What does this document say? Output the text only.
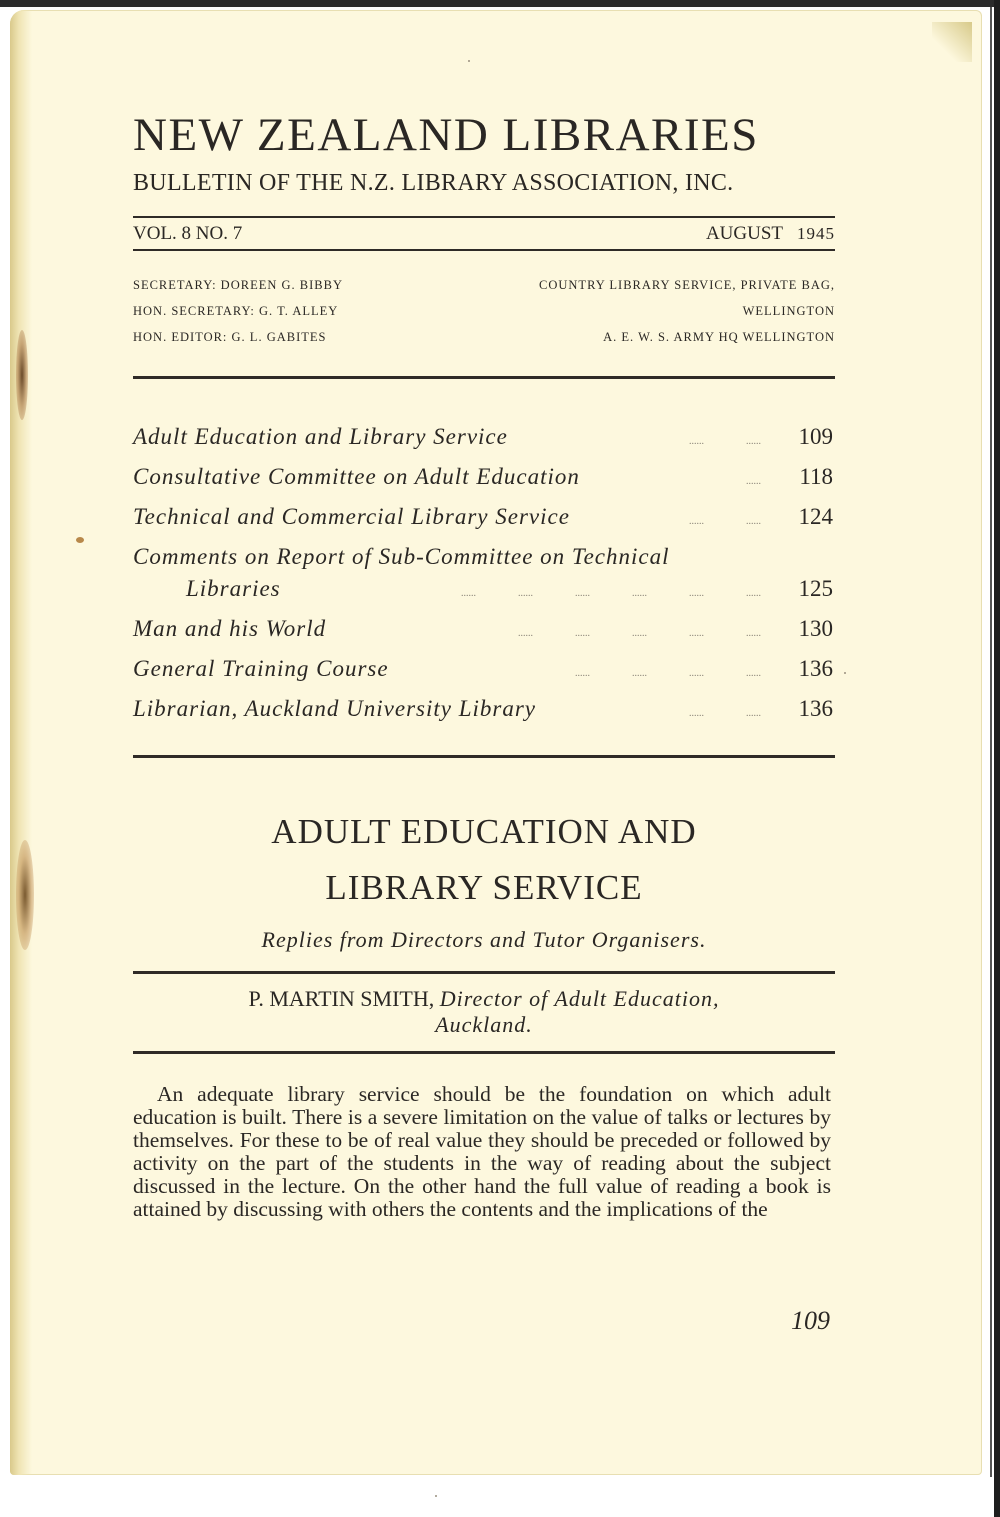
NEW ZEALAND LIBRARIES
BULLETIN OF THE N.Z. LIBRARY ASSOCIATION, INC.
VOL. 8 NO. 7	AUGUST 1945
SECRETARY: DOREEN G. BIBBY
HON. SECRETARY: G. T. ALLEY
HON. EDITOR: G. L. GABITES
COUNTRY LIBRARY SERVICE, PRIVATE BAG,
WELLINGTON
A. E. W. S. ARMY HQ WELLINGTON
Adult Education and Library Service	......	......	109
Consultative Committee on Adult Education	......	118
Technical and Commercial Library Service	......	......	124
Comments on Report of Sub-Committee on Technical
Libraries	......	......	......	......	......	......	125
Man and his World	......	......	......	......	......	130
General Training Course	......	......	......	......	136
Librarian, Auckland University Library	......	......	136
ADULT EDUCATION AND
LIBRARY SERVICE
Replies from Directors and Tutor Organisers.
P. MARTIN SMITH, Director of Adult Education,
Auckland.
An adequate library service should be the foundation on which adult education is built. There is a severe limitation on the value of talks or lectures by themselves. For these to be of real value they should be preceded or followed by activity on the part of the students in the way of reading about the subject discussed in the lecture. On the other hand the full value of reading a book is attained by discussing with others the contents and the implications of the
109
